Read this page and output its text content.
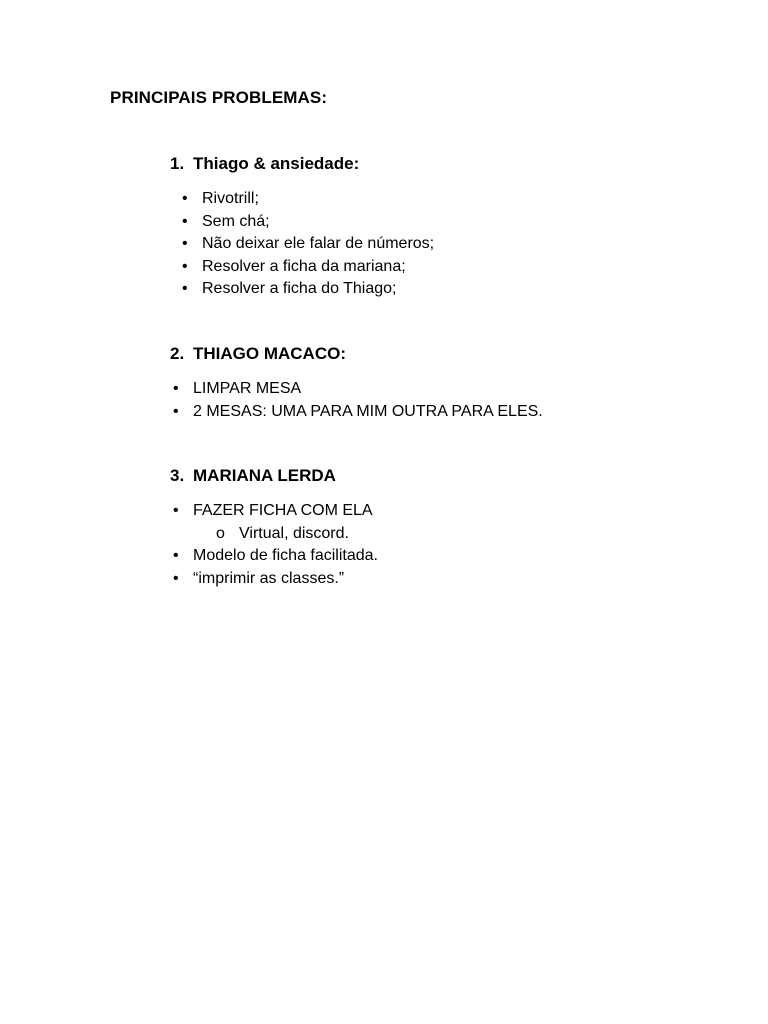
PRINCIPAIS PROBLEMAS:
1. Thiago & ansiedade:
• Rivotrill;
• Sem chá;
• Não deixar ele falar de números;
• Resolver a ficha da mariana;
• Resolver a ficha do Thiago;
2. THIAGO MACACO:
• LIMPAR MESA
• 2 MESAS: UMA PARA MIM OUTRA PARA ELES.
3. MARIANA LERDA
• FAZER FICHA COM ELA
o Virtual, discord.
• Modelo de ficha facilitada.
• “imprimir as classes.”
